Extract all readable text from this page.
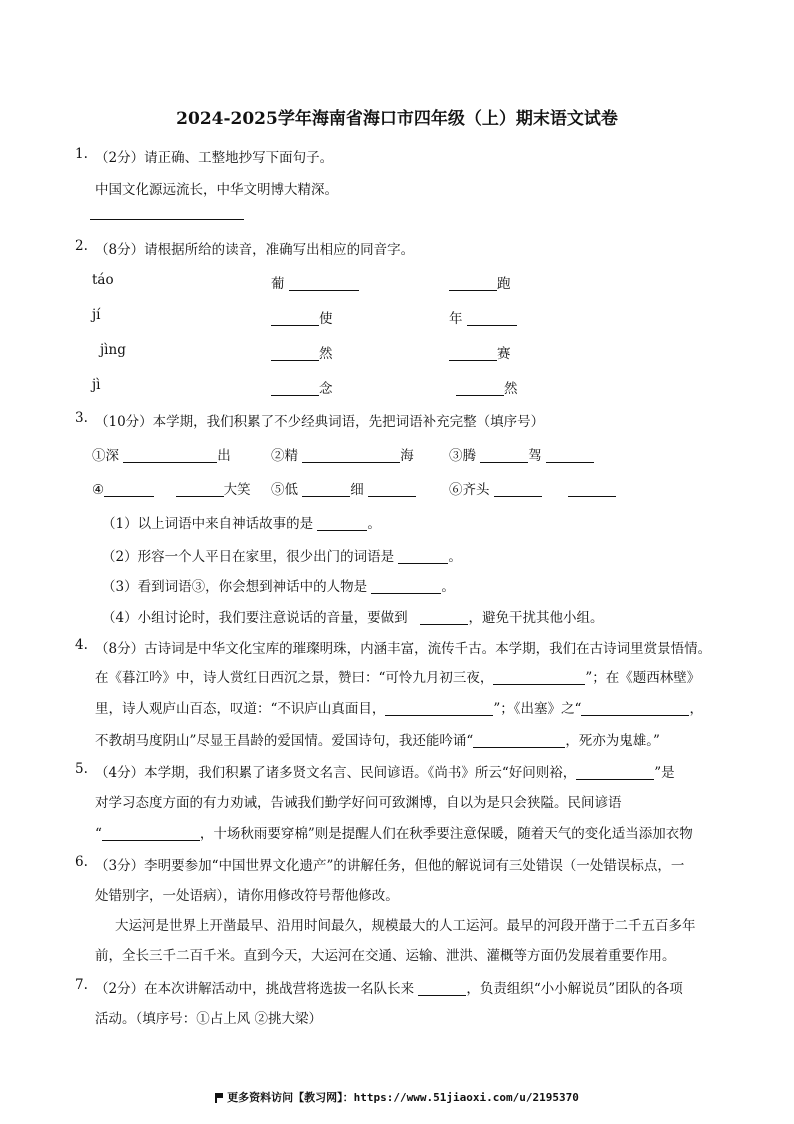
2024-2025学年海南省海口市四年级（上）期末语文试卷
1. （2分）请正确、工整地抄写下面句子。
中国文化源远流长，中华文明博大精深。
2. （8分）请根据所给的读音，准确写出相应的同音字。
táo	葡	跑
jí	使	年
jìng	然	赛
jì	念	然
3. （10分）本学期，我们积累了不少经典词语，先把词语补充完整（填序号）
①深	出	②精	海	③腾	驾
④	大笑 ⑤低	细	⑥齐头
（1）以上词语中来自神话故事的是	。
（2）形容一个人平日在家里，很少出门的词语是	。
（3）看到词语③，你会想到神话中的人物是	。
（4）小组讨论时，我们要注意说话的音量，要做到	，避免干扰其他小组。
4. （8分）古诗词是中华文化宝库的璀璨明珠，内涵丰富，流传千古。本学期，我们在古诗词里赏景悟情。
在《暮江吟》中，诗人赏红日西沉之景，赞曰：“可怜九月初三夜，	”；在《题西林壁》
里，诗人观庐山百态，叹道：“不识庐山真面目，	”；《出塞》之“	，
不教胡马度阴山”尽显王昌龄的爱国情。爱国诗句，我还能吟诵“	，死亦为鬼雄。”
5. （4分）本学期，我们积累了诸多贤文名言、民间谚语。《尚书》所云“好问则裕，	”是
对学习态度方面的有力劝诫，告诫我们勤学好问可致渊博，自以为是只会狭隘。民间谚语
“	，十场秋雨要穿棉”则是提醒人们在秋季要注意保暖，随着天气的变化适当添加衣物
6. （3分）李明要参加“中国世界文化遗产”的讲解任务，但他的解说词有三处错误（一处错误标点，一
处错别字，一处语病），请你用修改符号帮他修改。
大运河是世界上开凿最早、沿用时间最久，规模最大的人工运河。最早的河段开凿于二千五百多年
前，全长三千二百千米。直到今天，大运河在交通、运输、泄洪、灌概等方面仍发展着重要作用。
7. （2分）在本次讲解活动中，挑战营将选拔一名队长来	，负责组织“小小解说员”团队的各项
活动。（填序号：①占上风 ②挑大梁）
更多资料访问【教习网】：https://www.51jiaoxi.com/u/2195370
